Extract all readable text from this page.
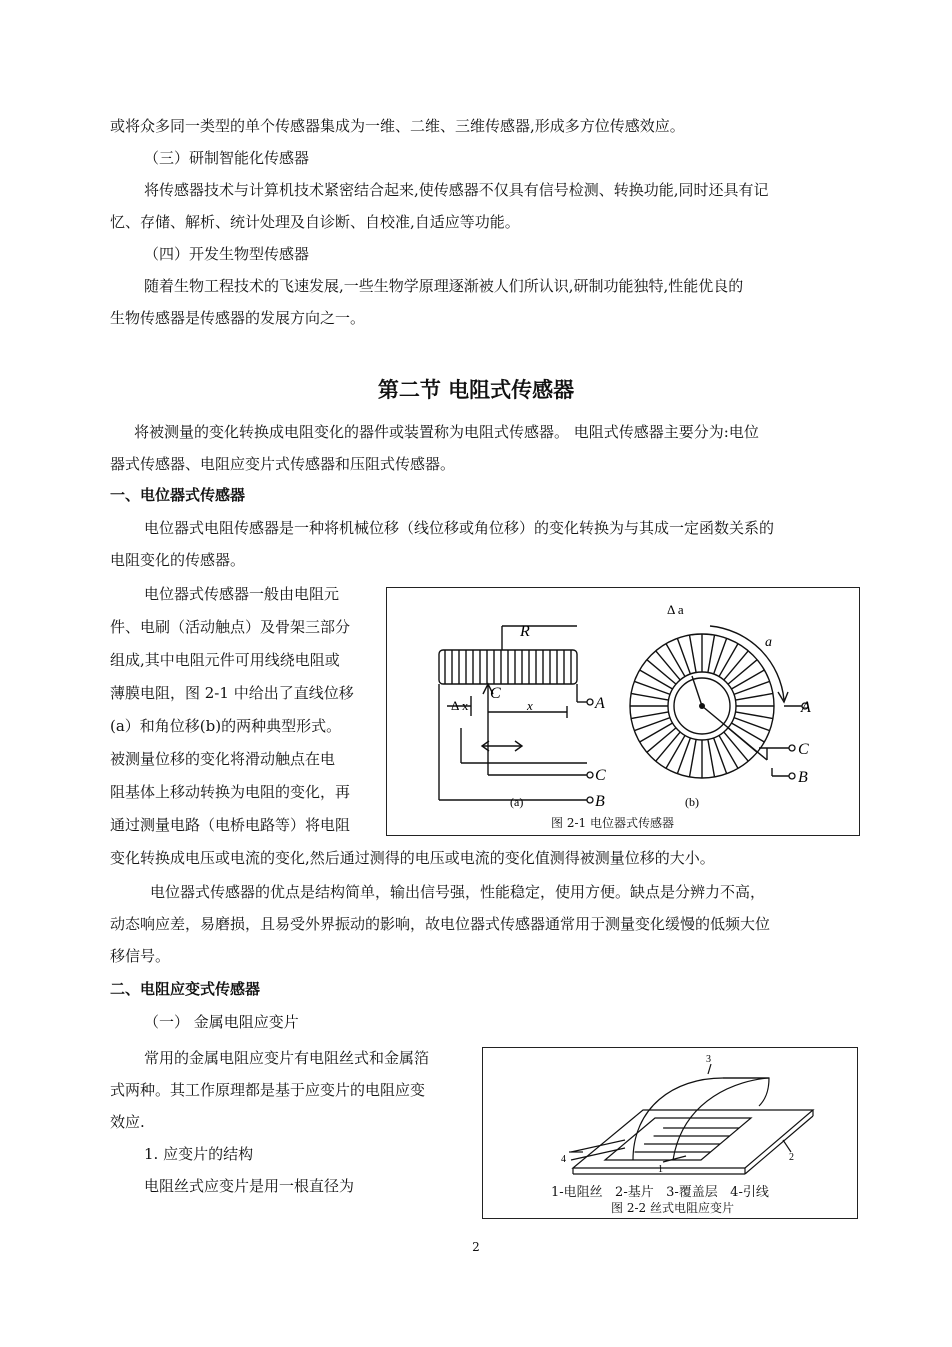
或将众多同一类型的单个传感器集成为一维、二维、三维传感器,形成多方位传感效应。
（三）研制智能化传感器
将传感器技术与计算机技术紧密结合起来,使传感器不仅具有信号检测、转换功能,同时还具有记
忆、存储、解析、统计处理及自诊断、自校准,自适应等功能。
（四）开发生物型传感器
随着生物工程技术的飞速发展,一些生物学原理逐渐被人们所认识,研制功能独特,性能优良的
生物传感器是传感器的发展方向之一。
第二节 电阻式传感器
将被测量的变化转换成电阻变化的器件或装置称为电阻式传感器。 电阻式传感器主要分为:电位
器式传感器、电阻应变片式传感器和压阻式传感器。
一、电位器式传感器
电位器式电阻传感器是一种将机械位移（线位移或角位移）的变化转换为与其成一定函数关系的
电阻变化的传感器。
电位器式传感器一般由电阻元
件、电刷（活动触点）及骨架三部分
组成,其中电阻元件可用线绕电阻或
薄膜电阻，图 2-1 中给出了直线位移
(a）和角位移(b)的两种典型形式。
被测量位移的变化将滑动触点在电
阻基体上移动转换为电阻的变化，再
通过测量电路（电桥电路等）将电阻
R
C
A
C
B
Δ x	x
Δ a
a
A
C
B
(a)	(b)
图 2-1 电位器式传感器
变化转换成电压或电流的变化,然后通过测得的电压或电流的变化值测得被测量位移的大小。
电位器式传感器的优点是结构简单，输出信号强，性能稳定，使用方便。缺点是分辨力不高，
动态响应差，易磨损，且易受外界振动的影响，故电位器式传感器通常用于测量变化缓慢的低频大位
移信号。
二、电阻应变式传感器
（一） 金属电阻应变片
常用的金属电阻应变片有电阻丝式和金属箔
式两种。其工作原理都是基于应变片的电阻应变
效应.
1. 应变片的结构
电阻丝式应变片是用一根直径为
3
4
1
2
1-电阻丝   2-基片   3-覆盖层   4-引线
图 2-2 丝式电阻应变片
2
